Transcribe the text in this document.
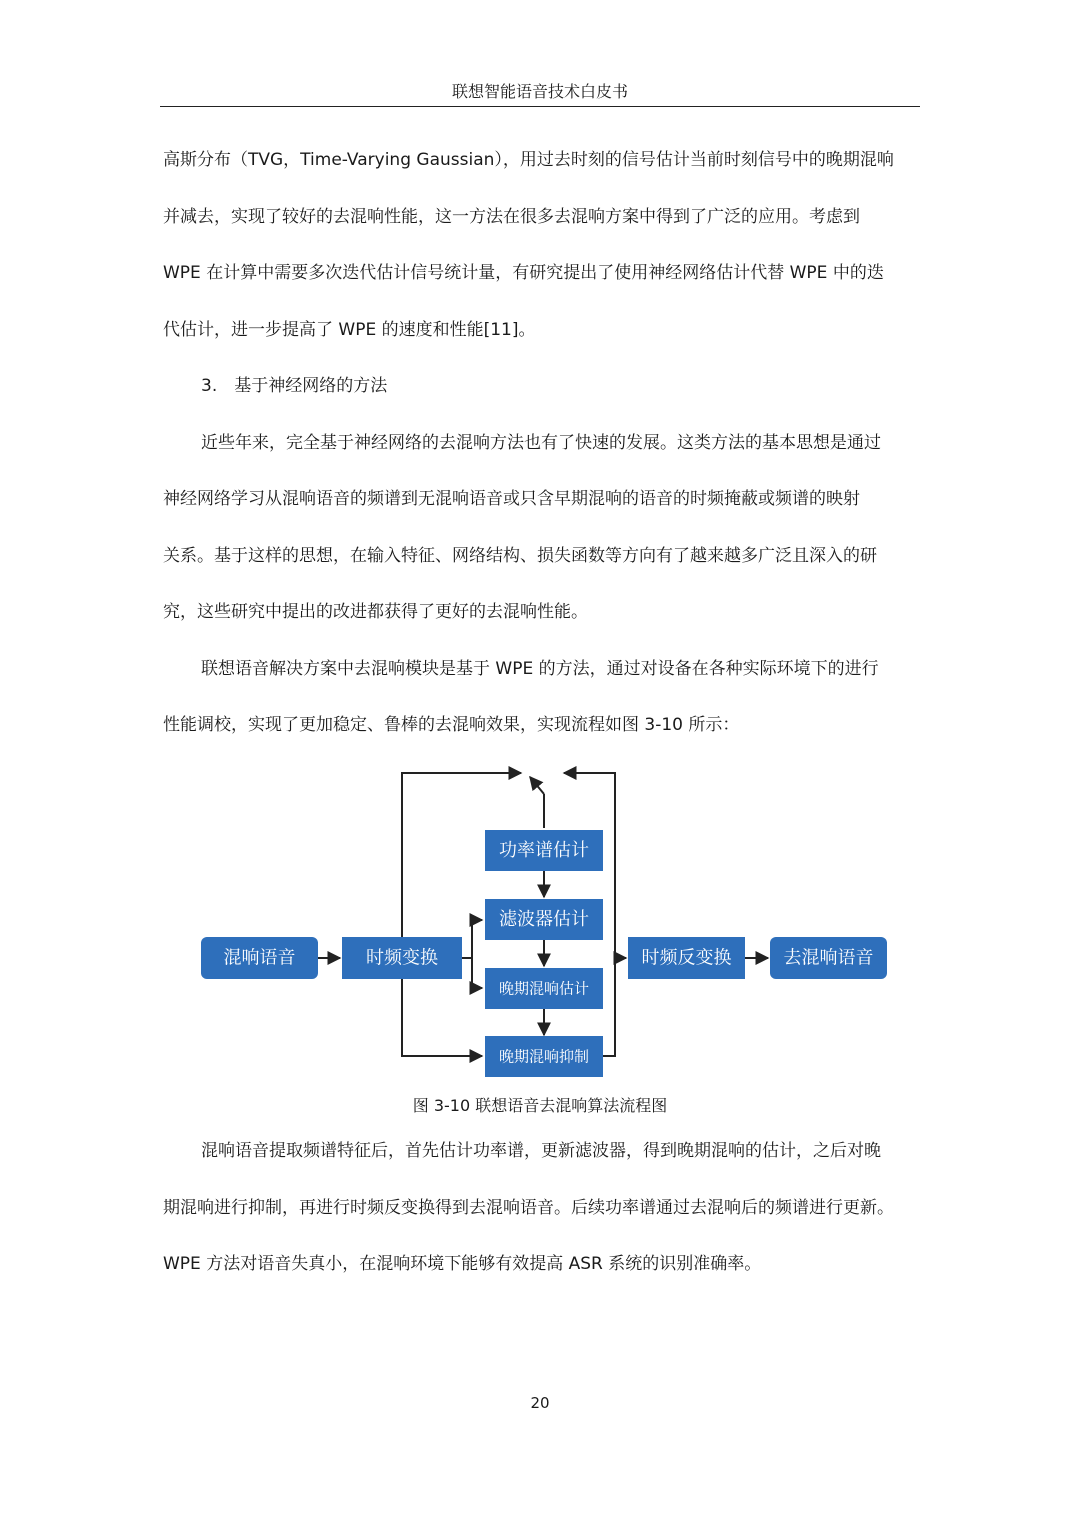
联想智能语音技术白皮书
高斯分布（TVG，Time-Varying Gaussian），用过去时刻的信号估计当前时刻信号中的晚期混响
并减去，实现了较好的去混响性能，这一方法在很多去混响方案中得到了广泛的应用。考虑到
WPE 在计算中需要多次迭代估计信号统计量，有研究提出了使用神经网络估计代替 WPE 中的迭
代估计，进一步提高了 WPE 的速度和性能[11]。
3.　基于神经网络的方法
近些年来，完全基于神经网络的去混响方法也有了快速的发展。这类方法的基本思想是通过
神经网络学习从混响语音的频谱到无混响语音或只含早期混响的语音的时频掩蔽或频谱的映射
关系。基于这样的思想，在输入特征、网络结构、损失函数等方向有了越来越多广泛且深入的研
究，这些研究中提出的改进都获得了更好的去混响性能。
联想语音解决方案中去混响模块是基于 WPE 的方法，通过对设备在各种实际环境下的进行
性能调校，实现了更加稳定、鲁棒的去混响效果，实现流程如图 3-10 所示：
混响语音	时频变换
功率谱估计
滤波器估计
晚期混响估计
晚期混响抑制
时频反变换	去混响语音
图 3-10 联想语音去混响算法流程图
混响语音提取频谱特征后，首先估计功率谱，更新滤波器，得到晚期混响的估计，之后对晚
期混响进行抑制，再进行时频反变换得到去混响语音。后续功率谱通过去混响后的频谱进行更新。
WPE 方法对语音失真小，在混响环境下能够有效提高 ASR 系统的识别准确率。
20
